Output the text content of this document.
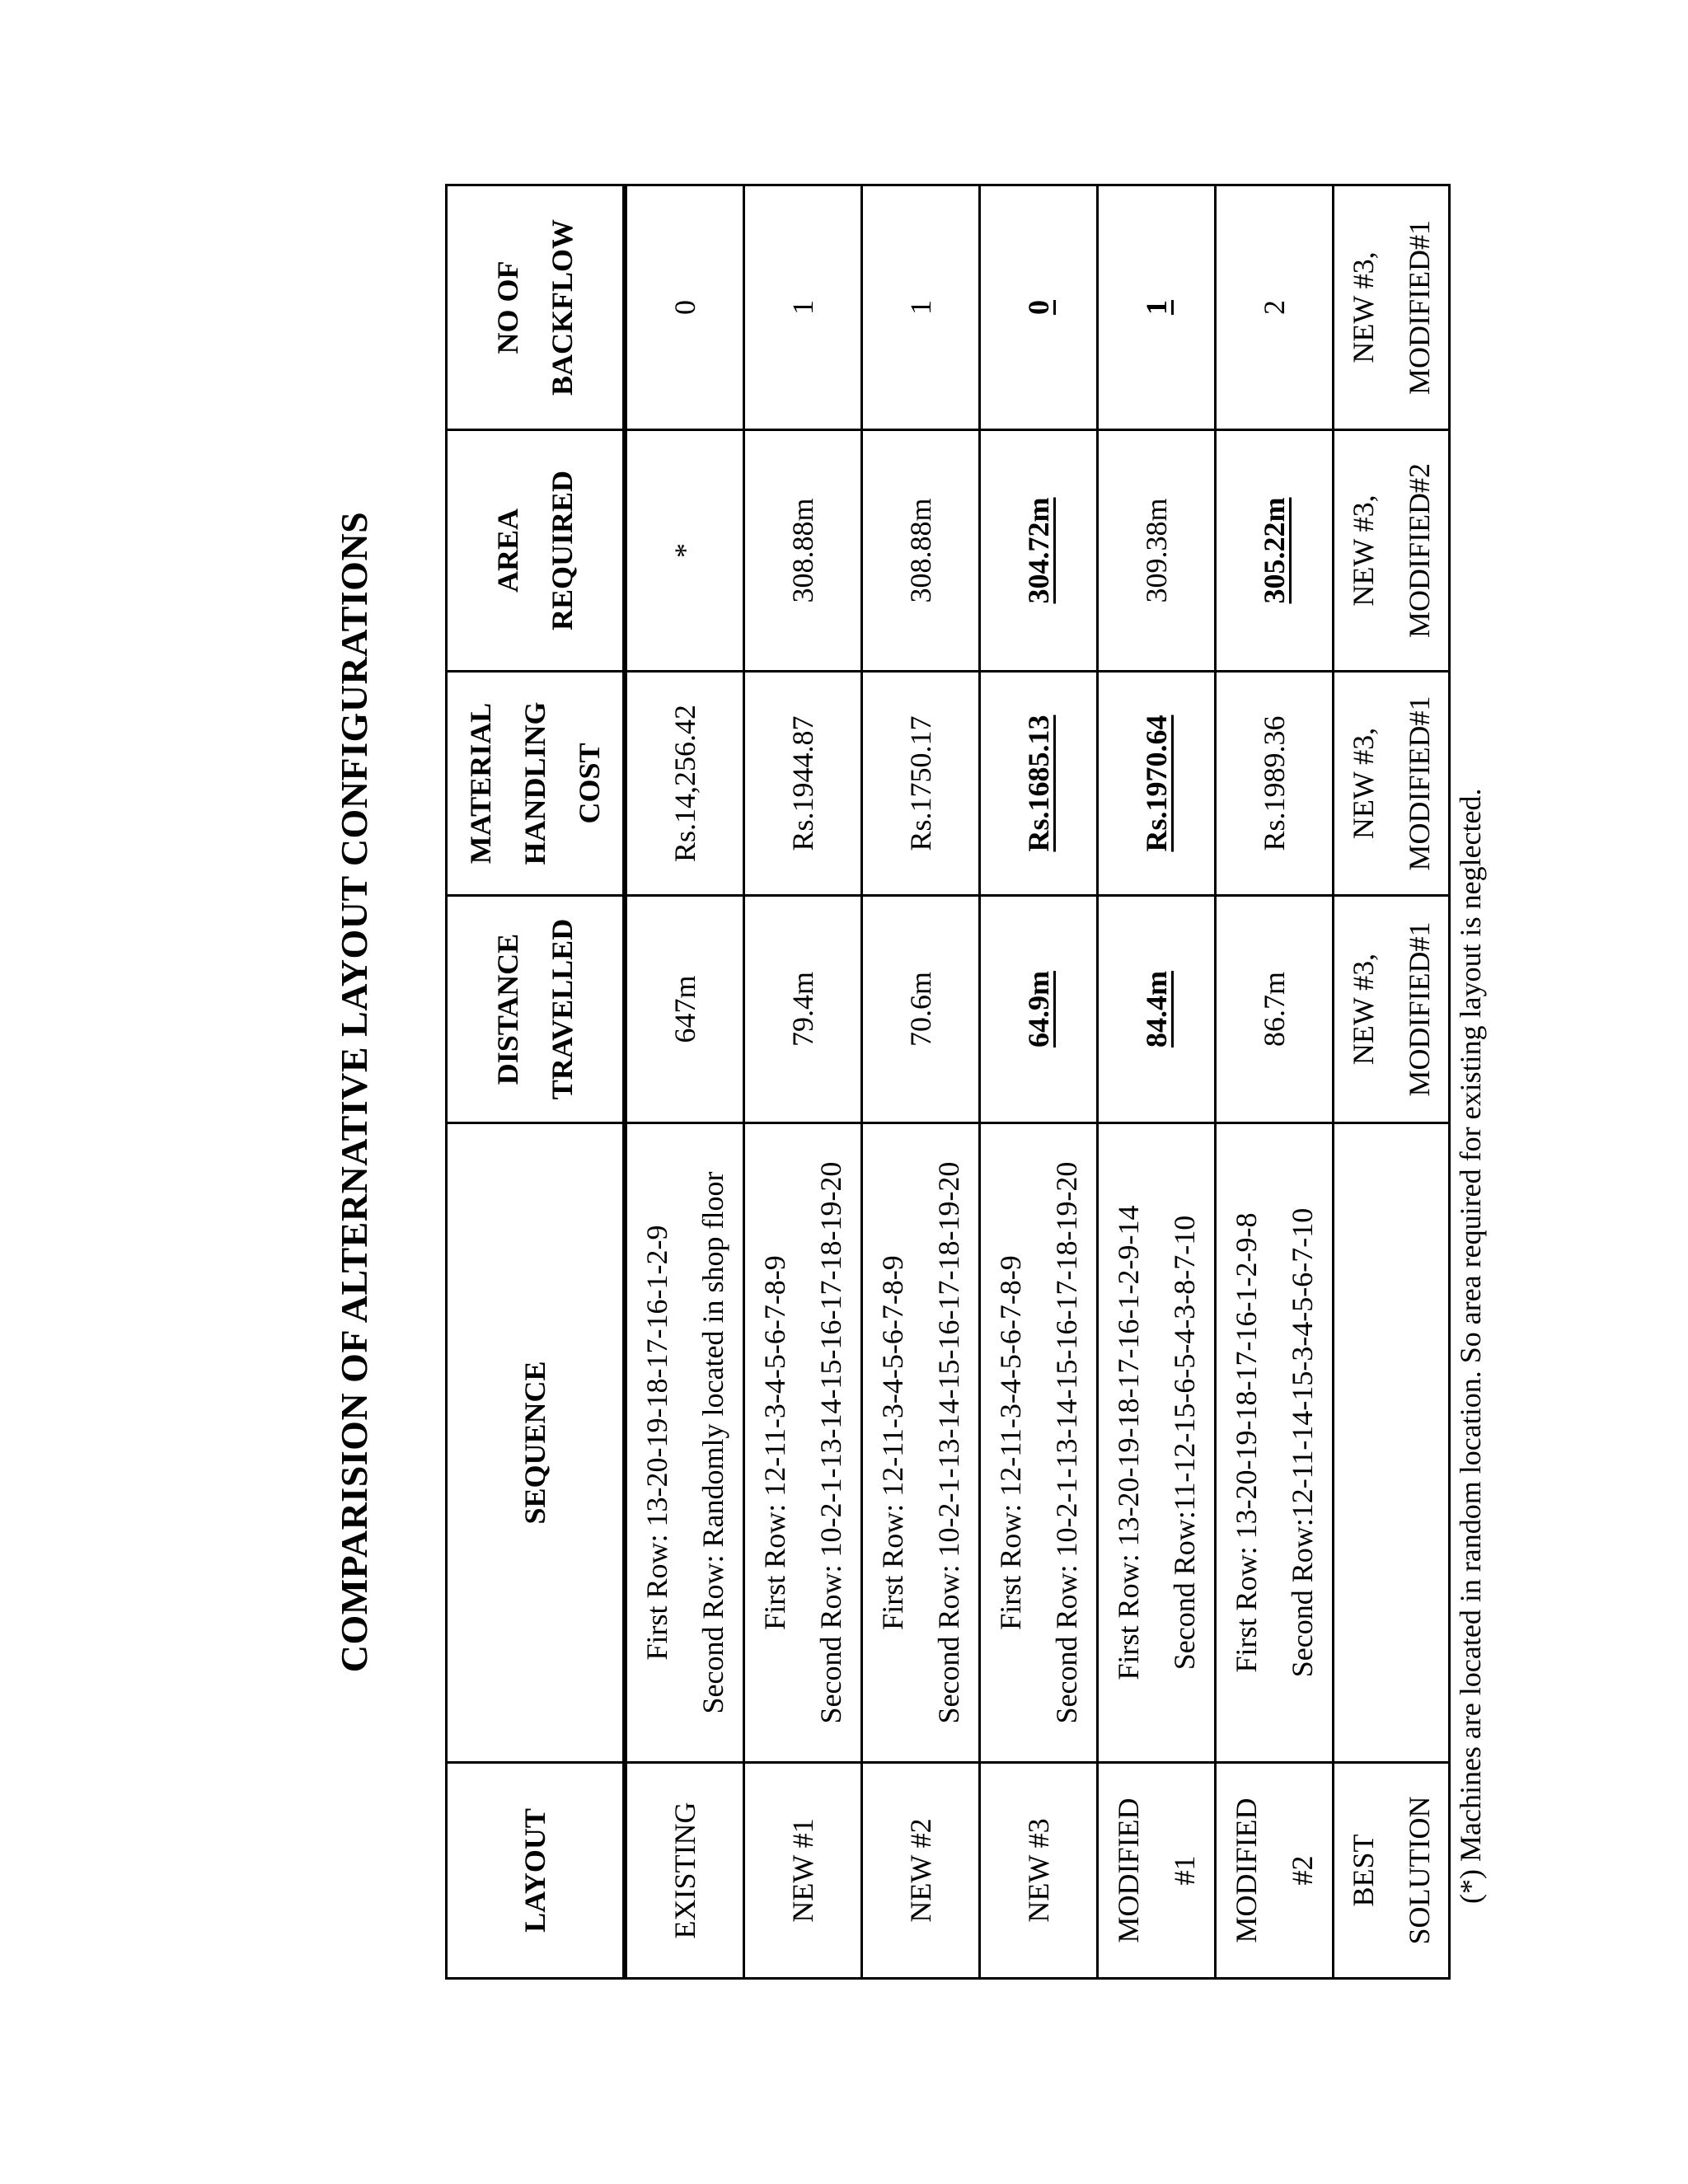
COMPARISION OF ALTERNATIVE LAYOUT CONFIGURATIONS
LAYOUT	SEQUENCE	DISTANCE TRAVELLED	MATERIAL HANDLING COST	AREA REQUIRED	NO OF BACKFLOW

EXISTING	First Row: 13-20-19-18-17-16-1-2-9 Second Row: Randomly located in shop floor	647m	Rs.14,256.42	*	0

NEW #1	First Row: 12-11-3-4-5-6-7-8-9 Second Row: 10-2-1-13-14-15-16-17-18-19-20	79.4m	Rs.1944.87	308.88m	1

NEW #2	First Row: 12-11-3-4-5-6-7-8-9 Second Row: 10-2-1-13-14-15-16-17-18-19-20	70.6m	Rs.1750.17	308.88m	1

NEW #3	First Row: 12-11-3-4-5-6-7-8-9 Second Row: 10-2-1-13-14-15-16-17-18-19-20	64.9m	Rs.1685.13	304.72m	0

MODIFIED #1	First Row: 13-20-19-18-17-16-1-2-9-14 Second Row:11-12-15-6-5-4-3-8-7-10	84.4m	Rs.1970.64	309.38m	1

MODIFIED #2	First Row: 13-20-19-18-17-16-1-2-9-8 Second Row:12-11-14-15-3-4-5-6-7-10	86.7m	Rs.1989.36	305.22m	2

BEST SOLUTION		NEW #3, MODIFIED#1	NEW #3, MODIFIED#1	NEW #3, MODIFIED#2	NEW #3, MODIFIED#1
(*) Machines are located in random location. So area required for existing layout is neglected.
